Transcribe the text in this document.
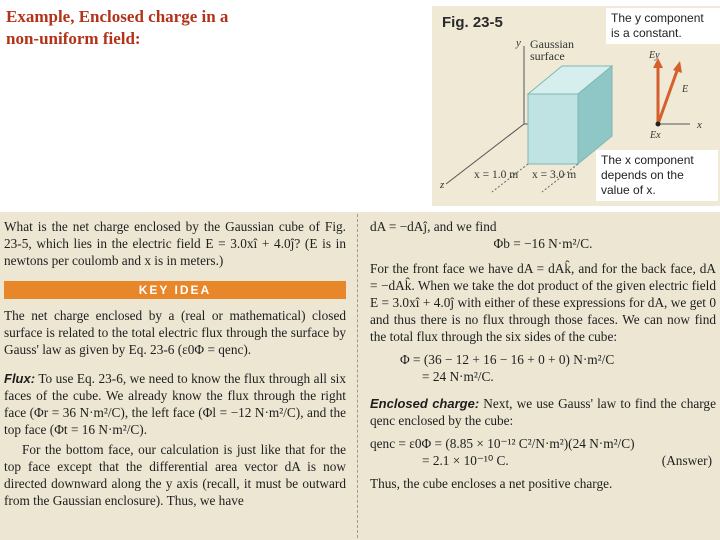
Example, Enclosed charge in a
non-uniform field:	y
x
z
Gaussian
surface
x = 1.0 m x = 3.0 m
Ey
E
Ex
Fig. 23-5	The y component
is a constant.
The x component
depends on the
value of x.

What is the net charge enclosed by the Gaussian cube of Fig. 23-5, which lies in the electric field E = 3.0xî + 4.0ĵ? (E is in newtons per coulomb and x is in meters.)

KEY IDEA

The net charge enclosed by a (real or mathematical) closed surface is related to the total electric flux through the surface by Gauss' law as given by Eq. 23-6 (ε0Φ = qenc).

Flux: To use Eq. 23-6, we need to know the flux through all six faces of the cube. We already know the flux through the right face (Φr = 36 N·m²/C), the left face (Φl = −12 N·m²/C), and the top face (Φt = 16 N·m²/C).

For the bottom face, our calculation is just like that for the top face except that the differential area vector dA is now directed downward along the y axis (recall, it must be outward from the Gaussian enclosure). Thus, we have

dA = −dAĵ, and we find

Φb = −16 N·m²/C.

For the front face we have dA = dAk̂, and for the back face, dA = −dAk̂. When we take the dot product of the given electric field E = 3.0xî + 4.0ĵ with either of these expressions for dA, we get 0 and thus there is no flux through those faces. We can now find the total flux through the six sides of the cube:

Φ = (36 − 12 + 16 − 16 + 0 + 0) N·m²/C

= 24 N·m²/C.

Enclosed charge: Next, we use Gauss' law to find the charge qenc enclosed by the cube:

qenc = ε0Φ = (8.85 × 10⁻¹² C²/N·m²)(24 N·m²/C)

= 2.1 × 10⁻¹⁰ C.	(Answer)

Thus, the cube encloses a net positive charge.
